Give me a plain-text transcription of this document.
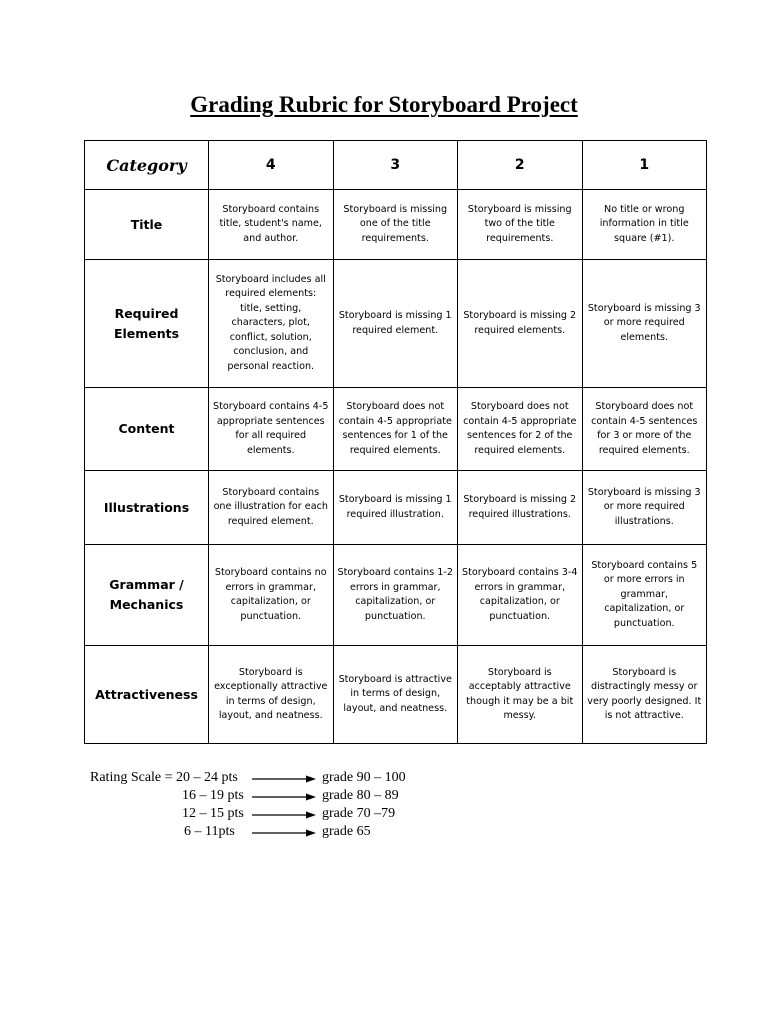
Grading Rubric for Storyboard Project
Category	4	3	2	1
Title	Storyboard contains title, student's name, and author.	Storyboard is missing one of the title requirements.	Storyboard is missing two of the title requirements.	No title or wrong information in title square (#1).
Required Elements	Storyboard includes all required elements: title, setting, characters, plot, conflict, solution, conclusion, and personal reaction.	Storyboard is missing 1 required element.	Storyboard is missing 2 required elements.	Storyboard is missing 3 or more required elements.
Content	Storyboard contains 4-5 appropriate sentences for all required elements.	Storyboard does not contain 4-5 appropriate sentences for 1 of the required elements.	Storyboard does not contain 4-5 appropriate sentences for 2 of the required elements.	Storyboard does not contain 4-5 sentences for 3 or more of the required elements.
Illustrations	Storyboard contains one illustration for each required element.	Storyboard is missing 1 required illustration.	Storyboard is missing 2 required illustrations.	Storyboard is missing 3 or more required illustrations.
Grammar / Mechanics	Storyboard contains no errors in grammar, capitalization, or punctuation.	Storyboard contains 1-2 errors in grammar, capitalization, or punctuation.	Storyboard contains 3-4 errors in grammar, capitalization, or punctuation.	Storyboard contains 5 or more errors in grammar, capitalization, or punctuation.
Attractiveness	Storyboard is exceptionally attractive in terms of design, layout, and neatness.	Storyboard is attractive in terms of design, layout, and neatness.	Storyboard is acceptably attractive though it may be a bit messy.	Storyboard is distractingly messy or very poorly designed. It is not attractive.
Rating Scale = 20 – 24 pts	grade 90 – 100
16 – 19 pts	grade 80 – 89
12 – 15 pts	grade 70 –79
6 – 11pts	grade 65
